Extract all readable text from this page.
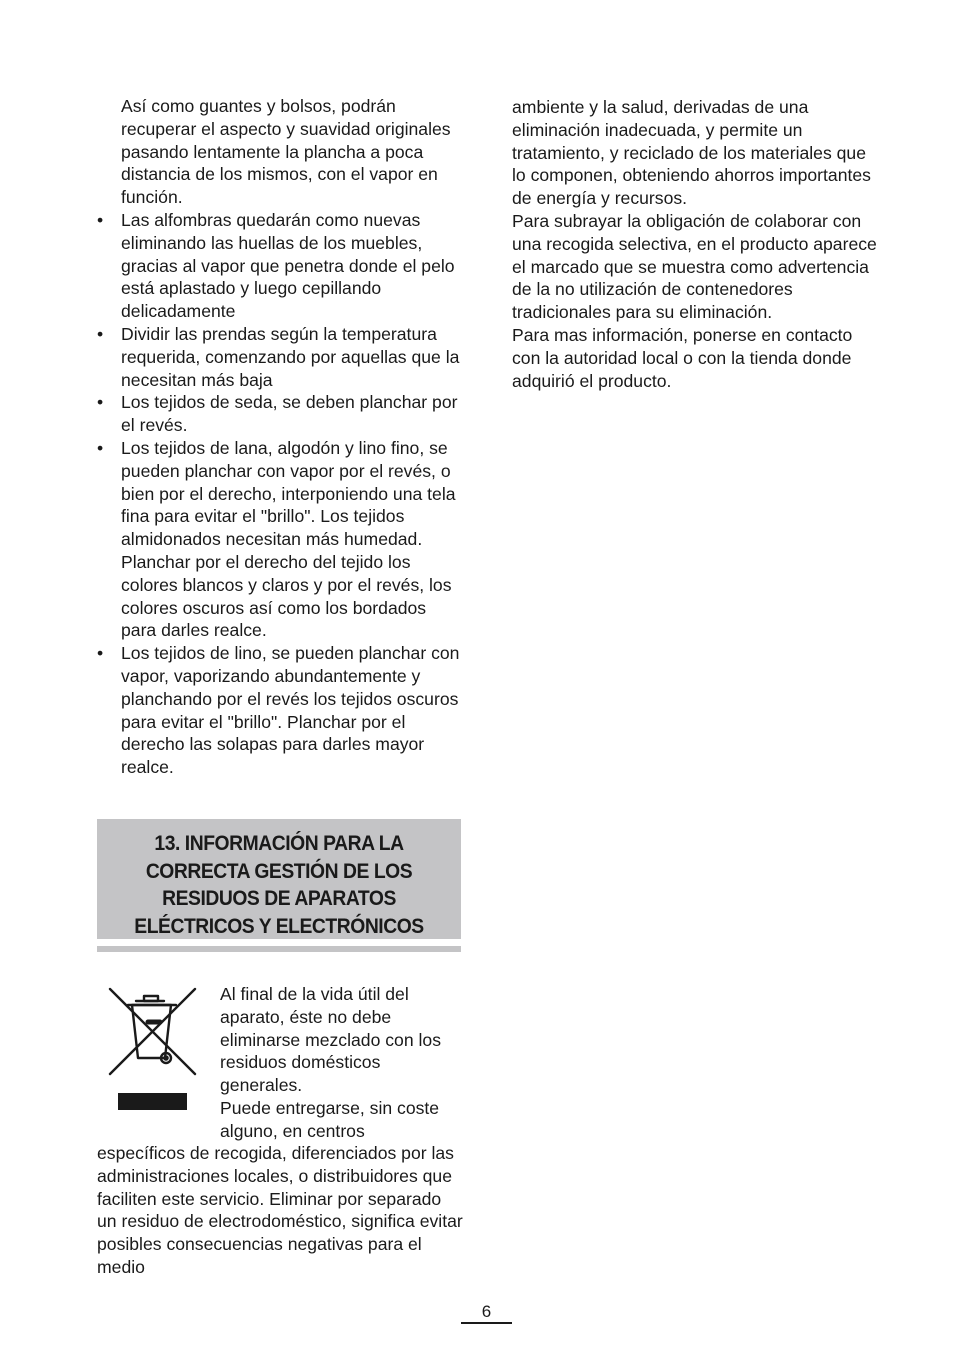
Así como guantes y bolsos, podrán recuperar el aspecto y suavidad originales pasando lentamente la plancha a poca distancia de los mismos, con el vapor en función.

• Las alfombras quedarán como nuevas eliminando las huellas de los muebles, gracias al vapor que penetra donde el pelo está aplastado y luego cepillando delicadamente
• Dividir las prendas según la temperatura requerida, comenzando por aquellas que la necesitan más baja
• Los tejidos de seda, se deben planchar por el revés.
• Los tejidos de lana, algodón y lino fino, se pueden planchar con vapor por el revés, o bien por el derecho, interponiendo una tela fina para evitar el "brillo". Los tejidos almidonados necesitan más humedad. Planchar por el derecho del tejido los colores blancos y claros y por el revés, los colores oscuros así como los bordados para darles realce.
• Los tejidos de lino, se pueden planchar con vapor, vaporizando abundantemente y planchando por el revés los tejidos oscuros para evitar el "brillo". Planchar por el derecho las solapas para darles mayor realce.
13. INFORMACIÓN PARA LA
CORRECTA GESTIÓN DE LOS
RESIDUOS DE APARATOS
ELÉCTRICOS Y ELECTRÓNICOS

Al final de la vida útil del aparato, éste no debe eliminarse mezclado con los residuos domésticos generales.

Puede entregarse, sin coste alguno, en centros

específicos de recogida, diferenciados por las administraciones locales, o distribuidores que faciliten este servicio. Eliminar por separado un residuo de electrodoméstico, significa evitar posibles consecuencias negativas para el medio

ambiente y la salud, derivadas de una eliminación inadecuada, y permite un tratamiento, y reciclado de los materiales que lo componen, obteniendo ahorros importantes de energía y recursos.

Para subrayar la obligación de colaborar con una recogida selectiva, en el producto aparece el marcado que se muestra como advertencia de la no utilización de contenedores tradicionales para su eliminación.

Para mas información, ponerse en contacto con la autoridad local o con la tienda donde adquirió el producto.

6
